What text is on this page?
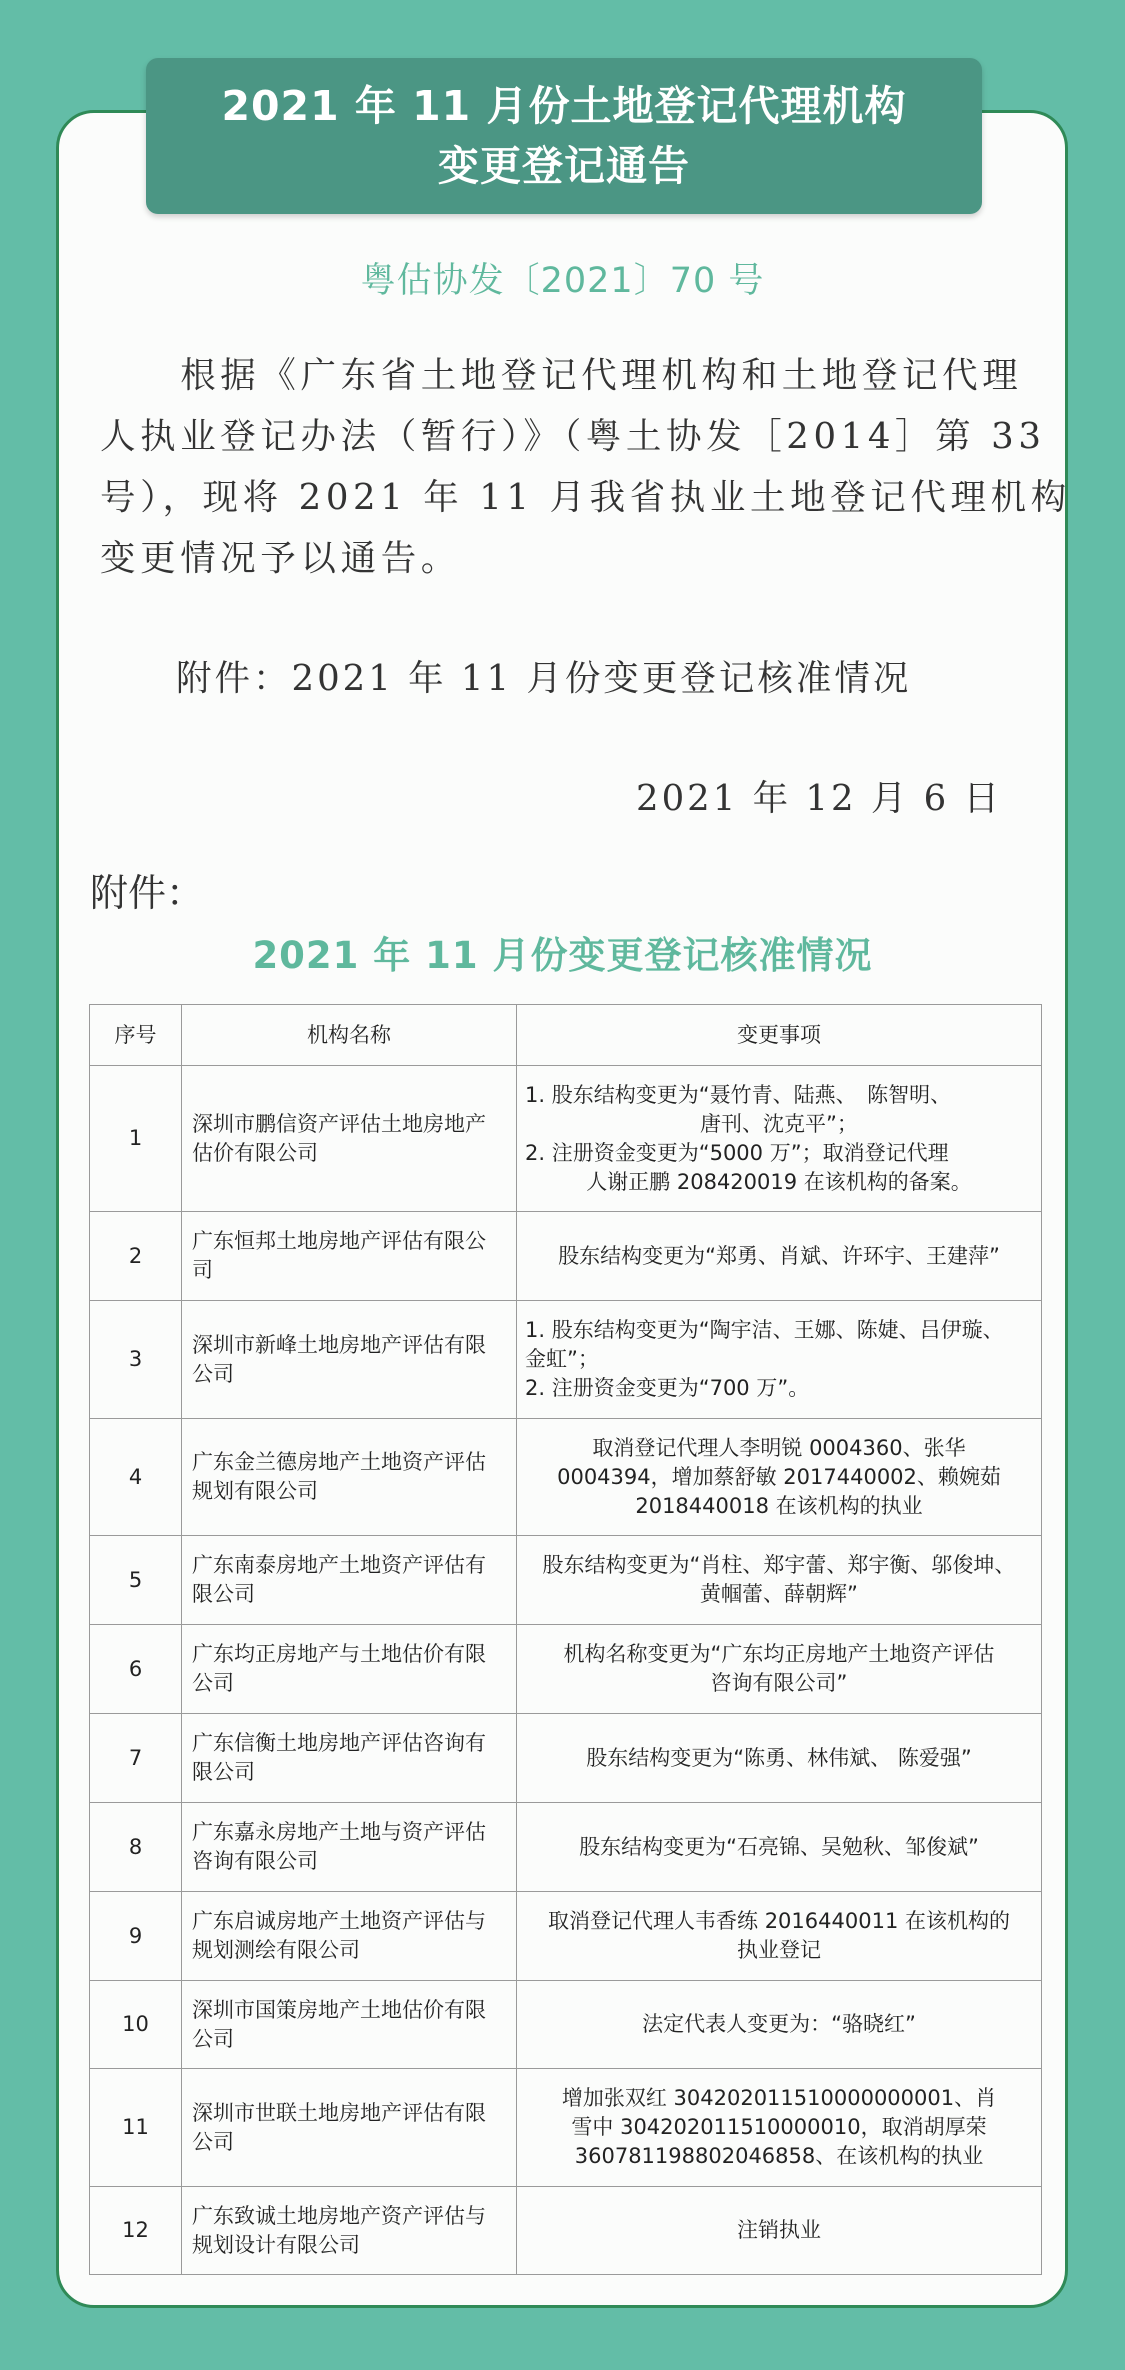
2021 年 11 月份土地登记代理机构
变更登记通告
粤估协发〔2021〕70 号
　　根据《广东省土地登记代理机构和土地登记代理
人执业登记办法（暂行）》（粤土协发［2014］第 33
号），现将 2021 年 11 月我省执业土地登记代理机构
变更情况予以通告。
附件：2021 年 11 月份变更登记核准情况
2021 年 12 月 6 日
附件：
2021 年 11 月份变更登记核准情况
序号	机构名称	变更事项
1	深圳市鹏信资产评估土地房地产估价有限公司	1. 股东结构变更为“聂竹青、陆燕、　陈智明、
唐刊、沈克平”；
2. 注册资金变更为“5000 万”；取消登记代理
人谢正鹏 208420019 在该机构的备案。

2	广东恒邦土地房地产评估有限公司	股东结构变更为“郑勇、肖斌、许环宇、王建萍”

3	深圳市新峰土地房地产评估有限公司	1. 股东结构变更为“陶宇洁、王娜、陈婕、吕伊璇、
金虹”；
2. 注册资金变更为“700 万”。

4	广东金兰德房地产土地资产评估规划有限公司	取消登记代理人李明锐 0004360、张华
0004394，增加蔡舒敏 2017440002、赖婉茹
2018440018 在该机构的执业

5	广东南泰房地产土地资产评估有限公司	股东结构变更为“肖柱、郑宇蕾、郑宇衡、邬俊坤、
黄帼蕾、薛朝辉”

6	广东均正房地产与土地估价有限公司	机构名称变更为“广东均正房地产土地资产评估
咨询有限公司”

7	广东信衡土地房地产评估咨询有限公司	股东结构变更为“陈勇、林伟斌、 陈爱强”

8	广东嘉永房地产土地与资产评估咨询有限公司	股东结构变更为“石亮锦、吴勉秋、邹俊斌”

9	广东启诚房地产土地资产评估与规划测绘有限公司	取消登记代理人韦香练 2016440011 在该机构的
执业登记

10	深圳市国策房地产土地估价有限公司	法定代表人变更为：“骆晓红”

11	深圳市世联土地房地产评估有限公司	增加张双红 304202011510000000001、肖
雪中 304202011510000010，取消胡厚荣
360781198802046858、在该机构的执业

12	广东致诚土地房地产资产评估与规划设计有限公司	注销执业
